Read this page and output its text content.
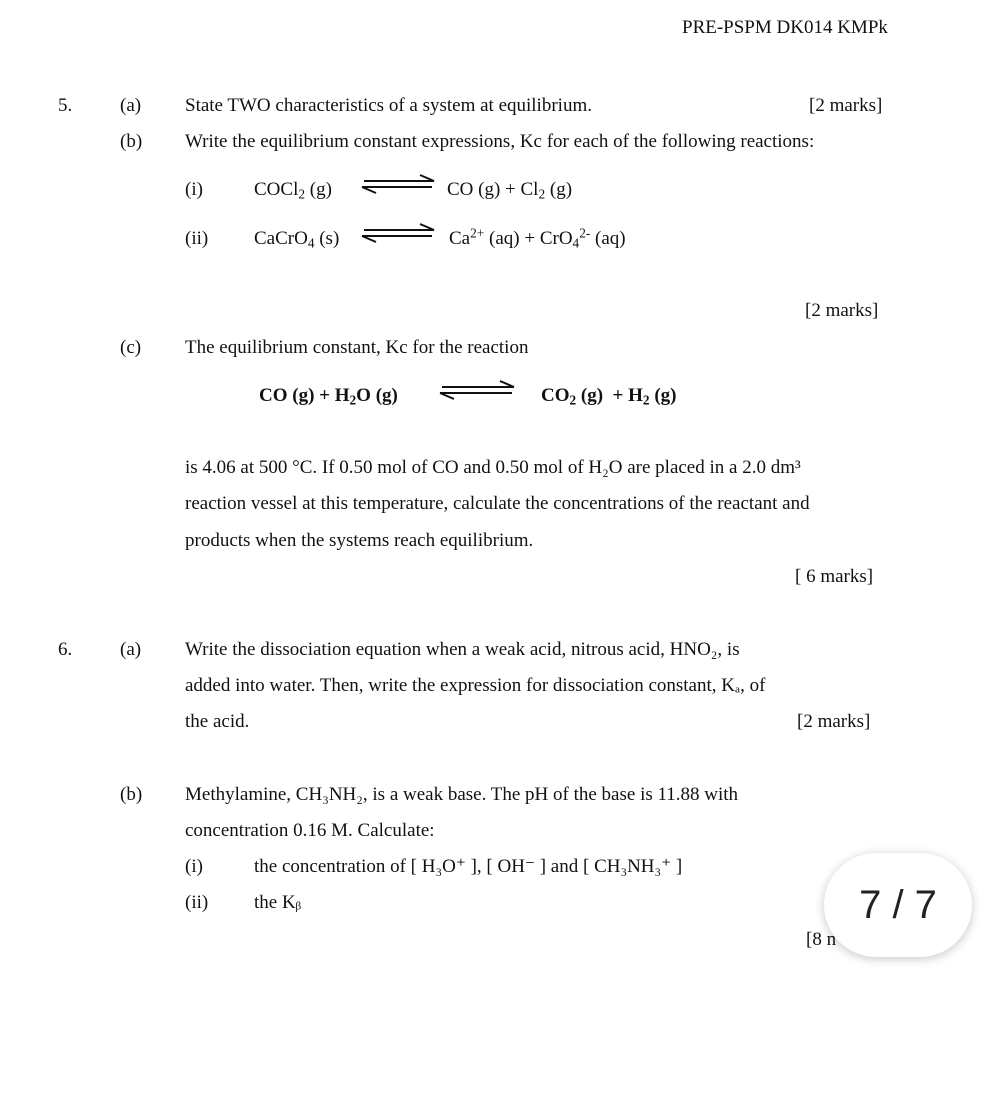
PRE-PSPM DK014 KMPk
5.	(a) State TWO characteristics of a system at equilibrium.	[2 marks]
(b) Write the equilibrium constant expressions, Kc for each of the following reactions:
(i)	COCl$_2$ (g) ⇌ CO $(g) + Cl_2$ (g)
(ii) CaCrO$_4$ (s) ⇌ $Ca^{2+}$ (aq) + CrO$_4^{2-}$ (aq)
[2 marks]
(c) The equilibrium constant, Kc for the reaction
CO $(g) + H_2O$ (g)	$CO_2$ $(g) + H_2$ (g)
is 4.06 at 500 °C. If 0.50 mol of CO and 0.50 mol of H₂O are placed in a 2.0 dm³
reaction vessel at this temperature, calculate the concentrations of the reactant and
products when the systems reach equilibrium.
[ 6 marks]
6.	(a) Write the dissociation equation when a weak acid, nitrous acid, HNO₂, is
added into water. Then, write the expression for dissociation constant, Kₐ, of
the acid.	[2 marks]
(b) Methylamine, CH₃NH₂, is a weak base. The pH of the base is 11.88 with
concentration 0.16 M. Calculate:
(i)	the concentration of [ H₃O⁺ ], [ OH⁻ ] and [ CH₃NH₃⁺ ]
(ii) the Kᵦ
[8 n
7 / 7
